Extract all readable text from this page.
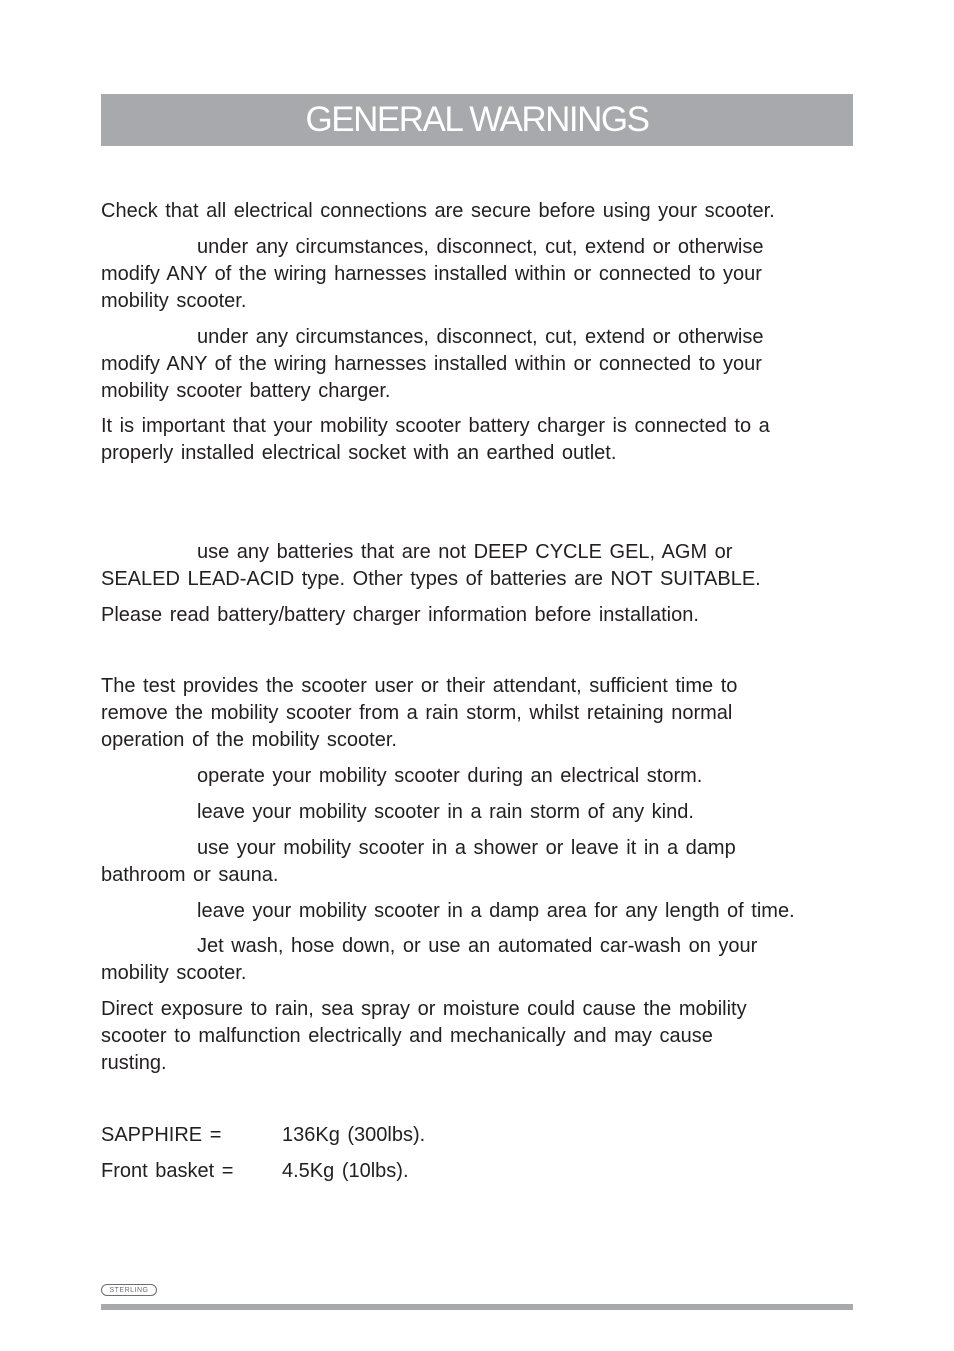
GENERAL WARNINGS

Check that all electrical connections are secure before using your scooter.

under any circumstances, disconnect, cut, extend or otherwise
modify ANY of the wiring harnesses installed within or connected to your
mobility scooter.

under any circumstances, disconnect, cut, extend or otherwise
modify ANY of the wiring harnesses installed within or connected to your
mobility scooter battery charger.

It is important that your mobility scooter battery charger is connected to a
properly installed electrical socket with an earthed outlet.

use any batteries that are not DEEP CYCLE GEL, AGM or
SEALED LEAD-ACID type. Other types of batteries are NOT SUITABLE.

Please read battery/battery charger information before installation.

The test provides the scooter user or their attendant, sufficient time to
remove the mobility scooter from a rain storm, whilst retaining normal
operation of the mobility scooter.

operate your mobility scooter during an electrical storm.

leave your mobility scooter in a rain storm of any kind.

use your mobility scooter in a shower or leave it in a damp
bathroom or sauna.

leave your mobility scooter in a damp area for any length of time.

Jet wash, hose down, or use an automated car-wash on your
mobility scooter.

Direct exposure to rain, sea spray or moisture could cause the mobility
scooter to malfunction electrically and mechanically and may cause
rusting.

SAPPHIRE =	136Kg (300lbs).
Front basket = 4.5Kg (10lbs).
STERLING
